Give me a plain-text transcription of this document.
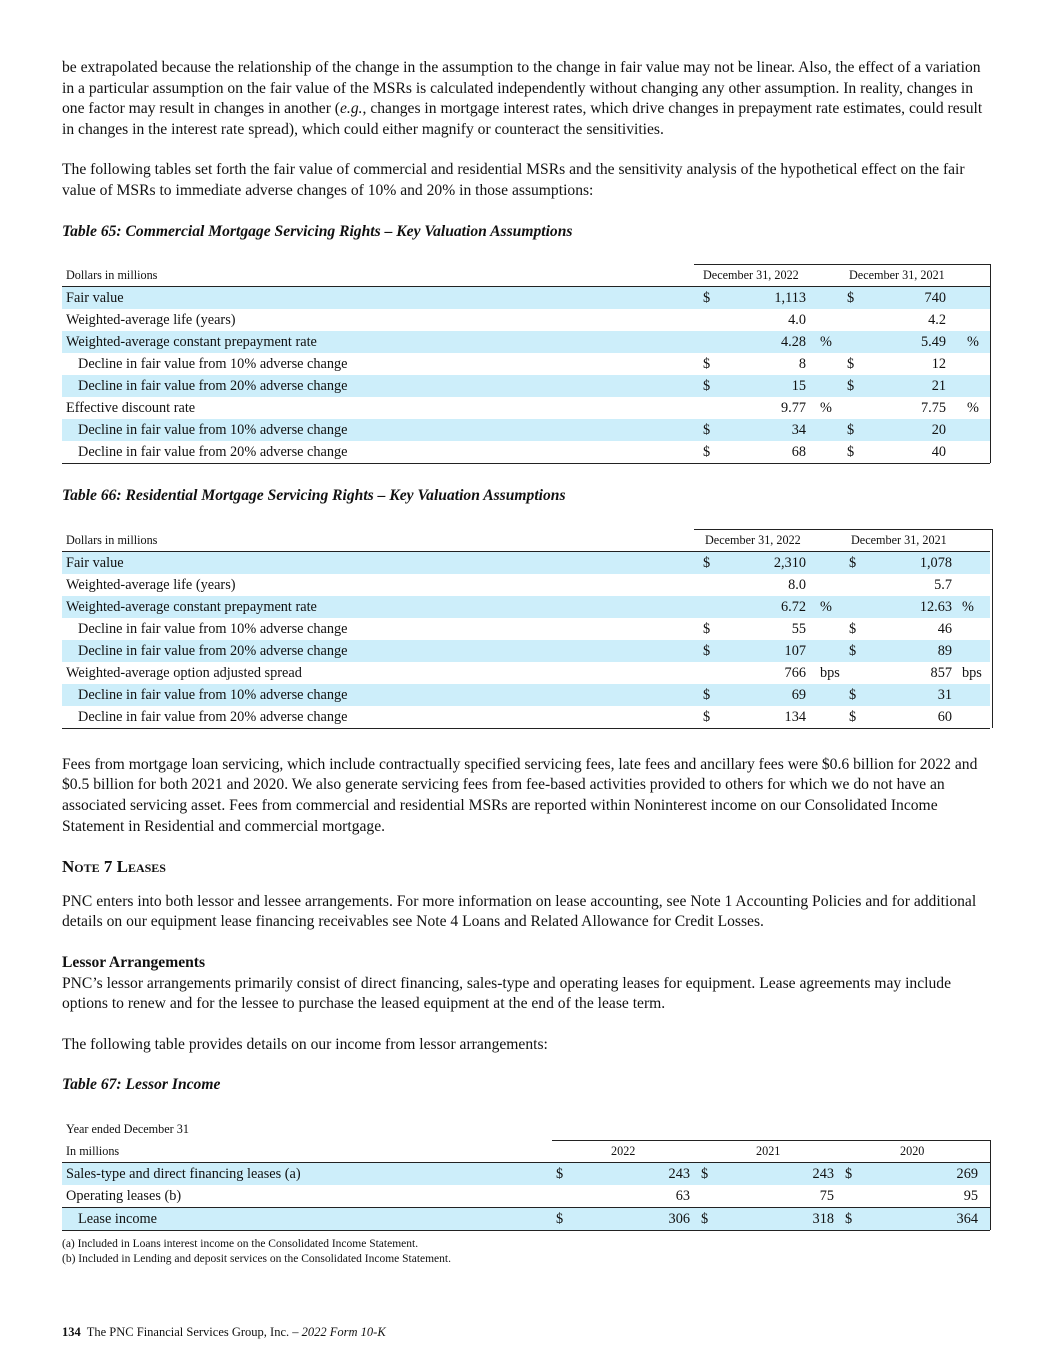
be extrapolated because the relationship of the change in the assumption to the change in fair value may not be linear. Also, the effect of a variation in a particular assumption on the fair value of the MSRs is calculated independently without changing any other assumption. In reality, changes in one factor may result in changes in another (e.g., changes in mortgage interest rates, which drive changes in prepayment rate estimates, could result in changes in the interest rate spread), which could either magnify or counteract the sensitivities.

The following tables set forth the fair value of commercial and residential MSRs and the sensitivity analysis of the hypothetical effect on the fair value of MSRs to immediate adverse changes of 10% and 20% in those assumptions:

Table 65: Commercial Mortgage Servicing Rights – Key Valuation Assumptions

Dollars in millions	December 31, 2022	December 31, 2021
Fair value	$	1,113	$	740
Weighted-average life (years)	4.0	4.2
Weighted-average constant prepayment rate	4.28 %	5.49 %
Decline in fair value from 10% adverse change	$	8	$	12
Decline in fair value from 20% adverse change	$	15	$	21
Effective discount rate	9.77 %	7.75 %
Decline in fair value from 10% adverse change	$	34	$	20
Decline in fair value from 20% adverse change	$	68	$	40

Table 66: Residential Mortgage Servicing Rights – Key Valuation Assumptions

Dollars in millions	December 31, 2022	December 31, 2021
Fair value	$	2,310	$	1,078
Weighted-average life (years)	8.0	5.7
Weighted-average constant prepayment rate	6.72 %	12.63 %
Decline in fair value from 10% adverse change	$	55	$	46
Decline in fair value from 20% adverse change	$	107	$	89
Weighted-average option adjusted spread	766 bps	857 bps
Decline in fair value from 10% adverse change	$	69	$	31
Decline in fair value from 20% adverse change	$	134	$	60

Fees from mortgage loan servicing, which include contractually specified servicing fees, late fees and ancillary fees were $0.6 billion for 2022 and $0.5 billion for both 2021 and 2020. We also generate servicing fees from fee-based activities provided to others for which we do not have an associated servicing asset. Fees from commercial and residential MSRs are reported within Noninterest income on our Consolidated Income Statement in Residential and commercial mortgage.

Note 7 Leases

PNC enters into both lessor and lessee arrangements. For more information on lease accounting, see Note 1 Accounting Policies and for additional details on our equipment lease financing receivables see Note 4 Loans and Related Allowance for Credit Losses.

Lessor Arrangements

PNC’s lessor arrangements primarily consist of direct financing, sales-type and operating leases for equipment. Lease agreements may include options to renew and for the lessee to purchase the leased equipment at the end of the lease term.

The following table provides details on our income from lessor arrangements:

Table 67: Lessor Income

Year ended December 31
In millions	2022	2021	2020
Sales-type and direct financing leases (a)	$	243 $	243 $	269
Operating leases (b)	63	75	95
Lease income	$	306 $	318 $	364

(a) Included in Loans interest income on the Consolidated Income Statement.

(b) Included in Lending and deposit services on the Consolidated Income Statement.

134 The PNC Financial Services Group, Inc. – 2022 Form 10-K
